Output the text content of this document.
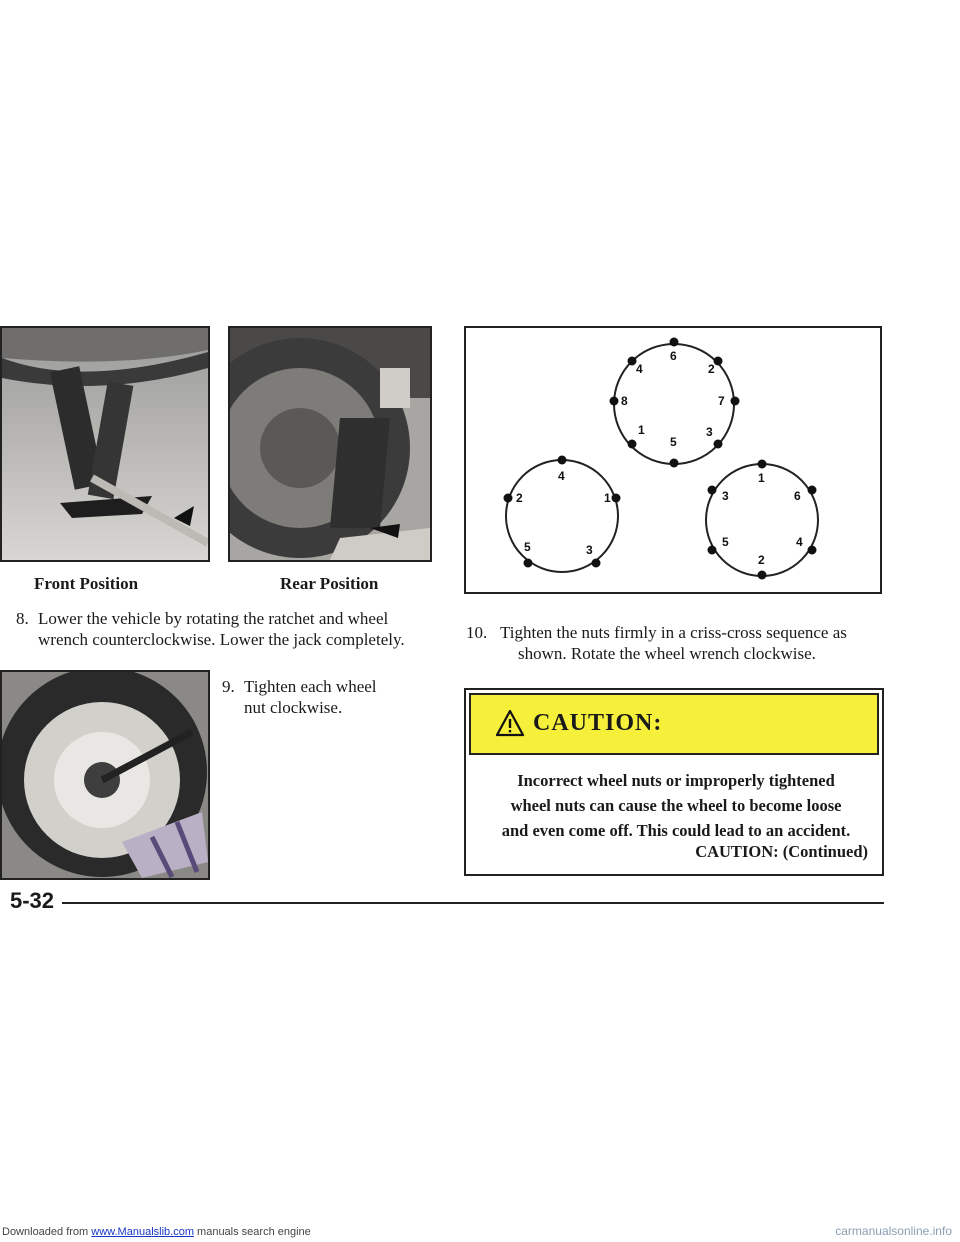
Front Position	Rear Position
8. Lower the vehicle by rotating the ratchet and wheel
wrench counterclockwise. Lower the jack completely.
9. Tighten each wheel
nut clockwise.
6
2
7
3
5
1
8
4
4
1
3
5
2
1
6
4
2
5
3
10. Tighten the nuts firmly in a criss-cross sequence as
shown. Rotate the wheel wrench clockwise.
CAUTION:
Incorrect wheel nuts or improperly tightened
wheel nuts can cause the wheel to become loose
and even come off. This could lead to an accident.
CAUTION: (Continued)
5-32
Downloaded from www.Manualslib.com manuals search engine	carmanualsonline.info
